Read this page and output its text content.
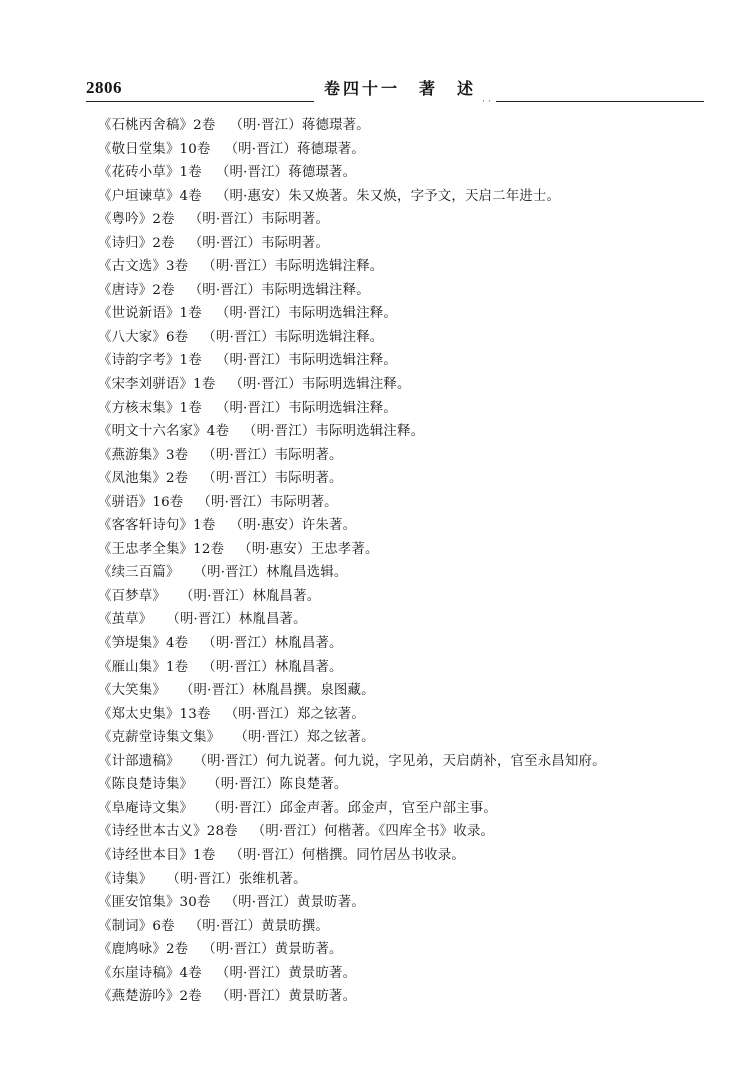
2806	卷四十一　著　述
· ·
《石桃丙舍稿》2卷 （明·晋江）蒋德璟著。
《敬日堂集》10卷 （明·晋江）蒋德璟著。
《花砖小草》1卷 （明·晋江）蒋德璟著。
《户垣谏草》4卷 （明·惠安）朱又焕著。朱又焕，字予文，天启二年进士。
《粤吟》2卷 （明·晋江）韦际明著。
《诗归》2卷 （明·晋江）韦际明著。
《古文选》3卷 （明·晋江）韦际明选辑注释。
《唐诗》2卷 （明·晋江）韦际明选辑注释。
《世说新语》1卷 （明·晋江）韦际明选辑注释。
《八大家》6卷 （明·晋江）韦际明选辑注释。
《诗韵字考》1卷 （明·晋江）韦际明选辑注释。
《宋李刘骈语》1卷 （明·晋江）韦际明选辑注释。
《方核末集》1卷 （明·晋江）韦际明选辑注释。
《明文十六名家》4卷 （明·晋江）韦际明选辑注释。
《燕游集》3卷 （明·晋江）韦际明著。
《凤池集》2卷 （明·晋江）韦际明著。
《骈语》16卷 （明·晋江）韦际明著。
《客客轩诗句》1卷 （明·惠安）许朱著。
《王忠孝全集》12卷 （明·惠安）王忠孝著。
《续三百篇》 （明·晋江）林胤昌选辑。
《百梦草》 （明·晋江）林胤昌著。
《茧草》 （明·晋江）林胤昌著。
《笋堤集》4卷 （明·晋江）林胤昌著。
《雁山集》1卷 （明·晋江）林胤昌著。
《大笑集》 （明·晋江）林胤昌撰。泉图藏。
《郑太史集》13卷 （明·晋江）郑之铉著。
《克薪堂诗集文集》 （明·晋江）郑之铉著。
《计部遗稿》 （明·晋江）何九说著。何九说，字见弟，天启荫补，官至永昌知府。
《陈良楚诗集》 （明·晋江）陈良楚著。
《阜庵诗文集》 （明·晋江）邱金声著。邱金声，官至户部主事。
《诗经世本古义》28卷 （明·晋江）何楷著。《四库全书》收录。
《诗经世本目》1卷 （明·晋江）何楷撰。同竹居丛书收录。
《诗集》 （明·晋江）张维机著。
《匪安馆集》30卷 （明·晋江）黄景昉著。
《制词》6卷 （明·晋江）黄景昉撰。
《鹿鸠咏》2卷 （明·晋江）黄景昉著。
《东崖诗稿》4卷 （明·晋江）黄景昉著。
《燕楚游吟》2卷 （明·晋江）黄景昉著。
